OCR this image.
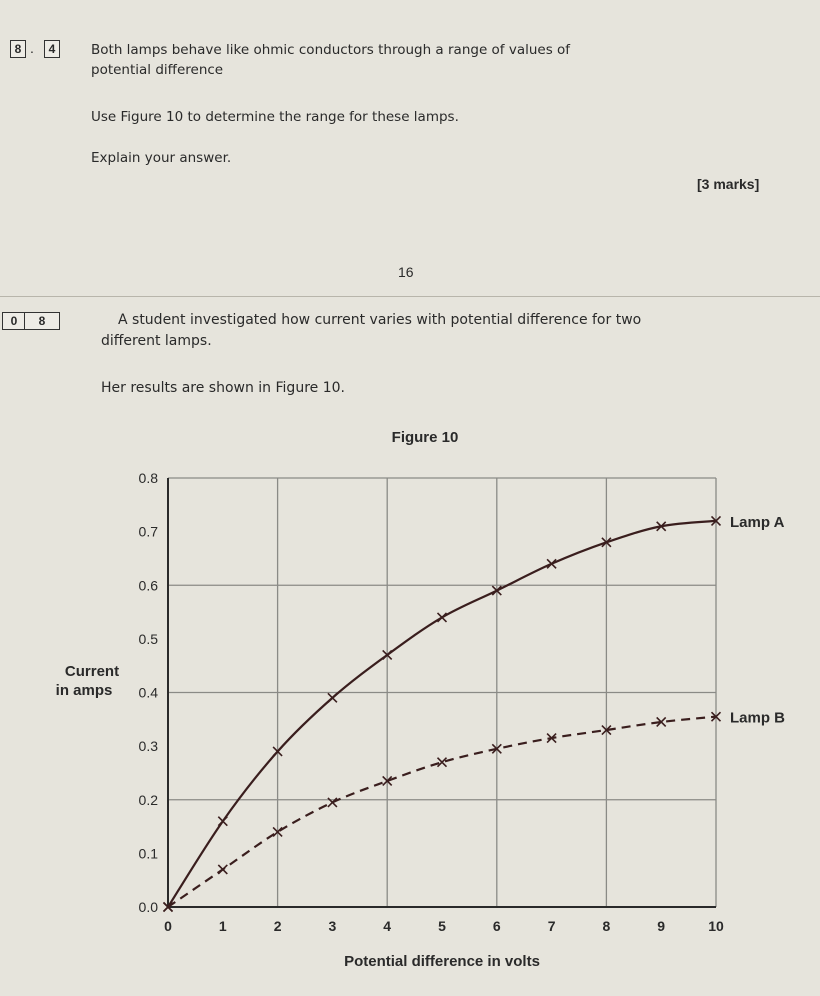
8 .	4	Both lamps behave like ohmic conductors through a range of values of
potential difference
Use Figure 10 to determine the range for these lamps.
Explain your answer.
[3 marks]
16
0	8	A student investigated how current varies with potential difference for two
different lamps.
Her results are shown in Figure 10.
Figure 10
0	1	2	3	4	5	6	7	8	9	10
0.0
0.1
0.2
0.3
0.4
0.5
0.6
0.7
0.8
Lamp A
Lamp B
Current
in amps
Potential difference in volts
